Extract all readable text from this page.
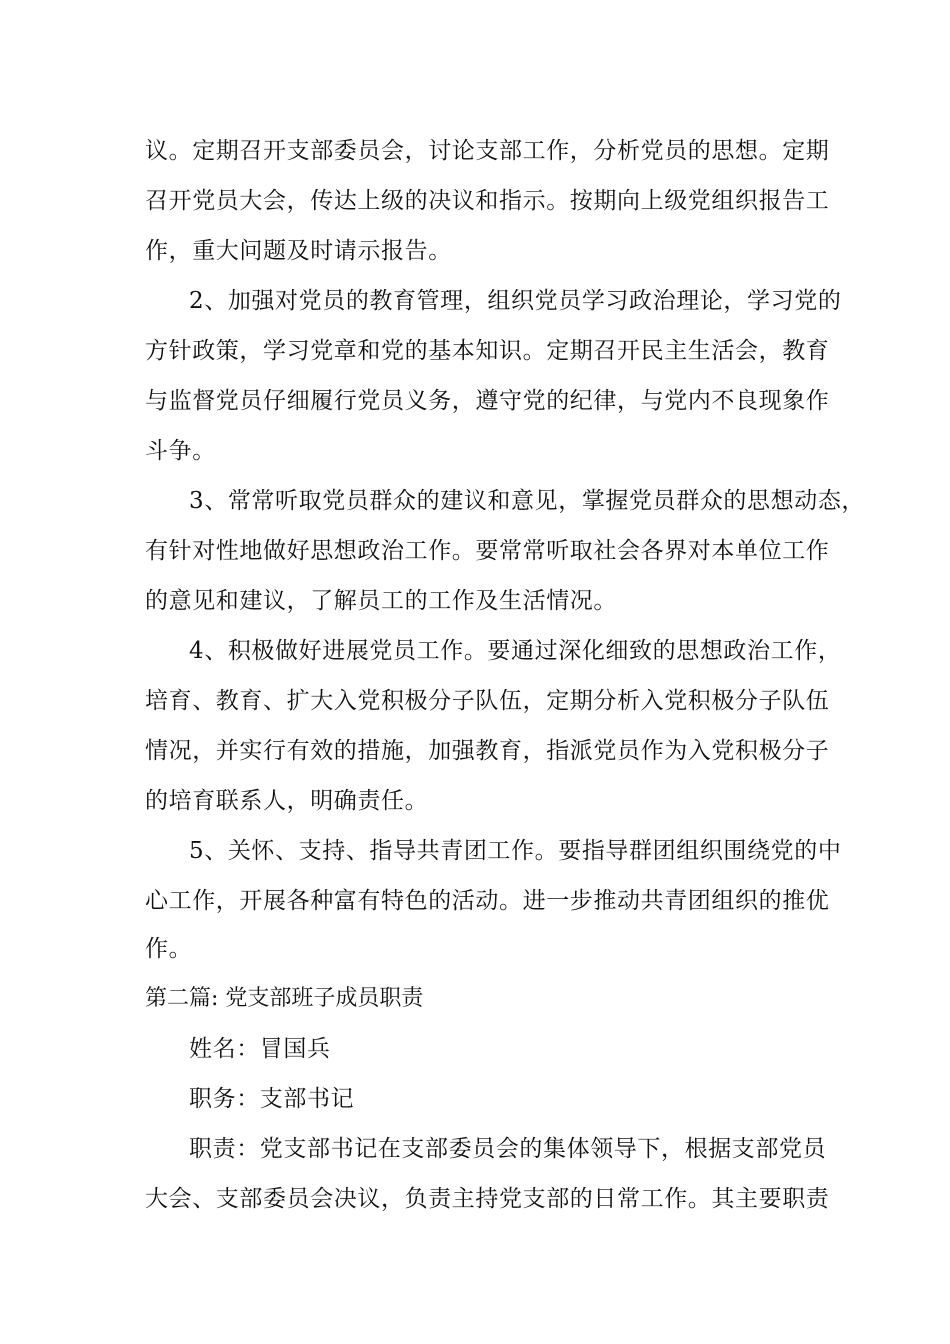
议。定期召开支部委员会，讨论支部工作，分析党员的思想。定期
召开党员大会，传达上级的决议和指示。按期向上级党组织报告工
作，重大问题及时请示报告。
2、加强对党员的教育管理，组织党员学习政治理论，学习党的
方针政策，学习党章和党的基本知识。定期召开民主生活会，教育
与监督党员仔细履行党员义务，遵守党的纪律，与党内不良现象作
斗争。
3、常常听取党员群众的建议和意见，掌握党员群众的思想动态，
有针对性地做好思想政治工作。要常常听取社会各界对本单位工作
的意见和建议，了解员工的工作及生活情况。
4、积极做好进展党员工作。要通过深化细致的思想政治工作，
培育、教育、扩大入党积极分子队伍，定期分析入党积极分子队伍
情况，并实行有效的措施，加强教育，指派党员作为入党积极分子
的培育联系人，明确责任。
5、关怀、支持、指导共青团工作。要指导群团组织围绕党的中
心工作，开展各种富有特色的活动。进一步推动共青团组织的推优
作。
第二篇: 党支部班子成员职责
姓名：冒国兵
职务：支部书记
职责：党支部书记在支部委员会的集体领导下，根据支部党员
大会、支部委员会决议，负责主持党支部的日常工作。其主要职责
